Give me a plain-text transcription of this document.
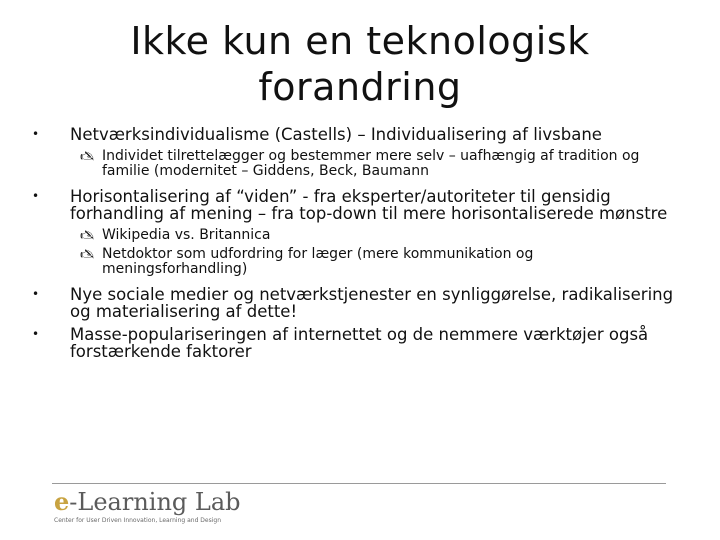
Ikke kun en teknologisk
forandring
• Netværksindividualisme (Castells) – Individualisering af livsbane
🖎 Individet tilrettelægger og bestemmer mere selv – uafhængig af tradition og familie (modernitet – Giddens, Beck, Baumann
• Horisontalisering af “viden” - fra eksperter/autoriteter til gensidig forhandling af mening – fra top-down til mere horisontaliserede mønstre
🖎 Wikipedia vs. Britannica
🖎 Netdoktor som udfordring for læger (mere kommunikation og meningsforhandling)
• Nye sociale medier og netværkstjenester en synliggørelse, radikalisering og materialisering af dette!
• Masse-populariseringen af internettet og de nemmere værktøjer også forstærkende faktorer
e-Learning Lab
Center for User Driven Innovation, Learning and Design
